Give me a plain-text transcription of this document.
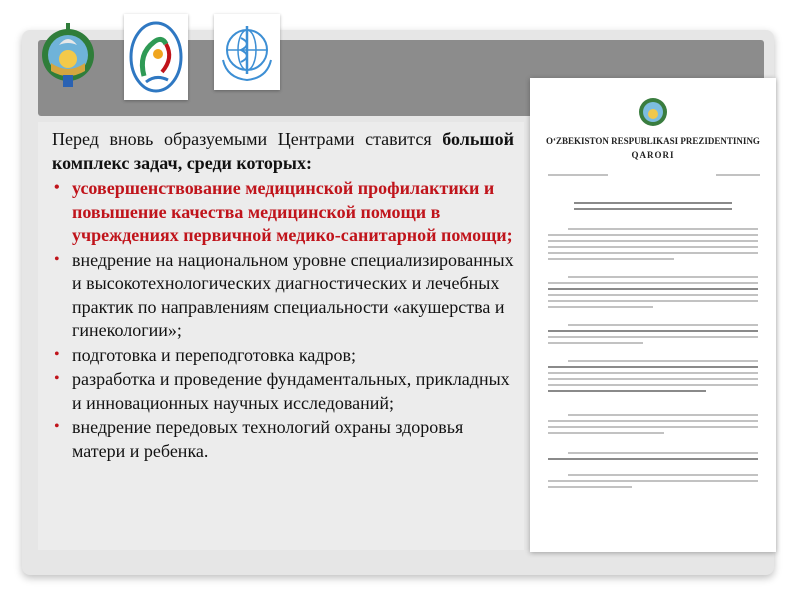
Перед вновь образуемыми Центрами ставится большой комплекс задач, среди которых:

• усовершенствование медицинской профилактики и повышение качества медицинской помощи в учреждениях первичной медико-санитарной помощи;
• внедрение на национальном уровне специализированных и высокотехнологических диагностических и лечебных практик по направлениям специальности «акушерства и гинекологии»;
• подготовка и переподготовка кадров;
• разработка и проведение фундаментальных, прикладных и инновационных научных исследований;
• внедрение передовых технологий охраны здоровья матери и ребенка.
O‘ZBEKISTON RESPUBLIKASI PREZIDENTINING
QARORI
